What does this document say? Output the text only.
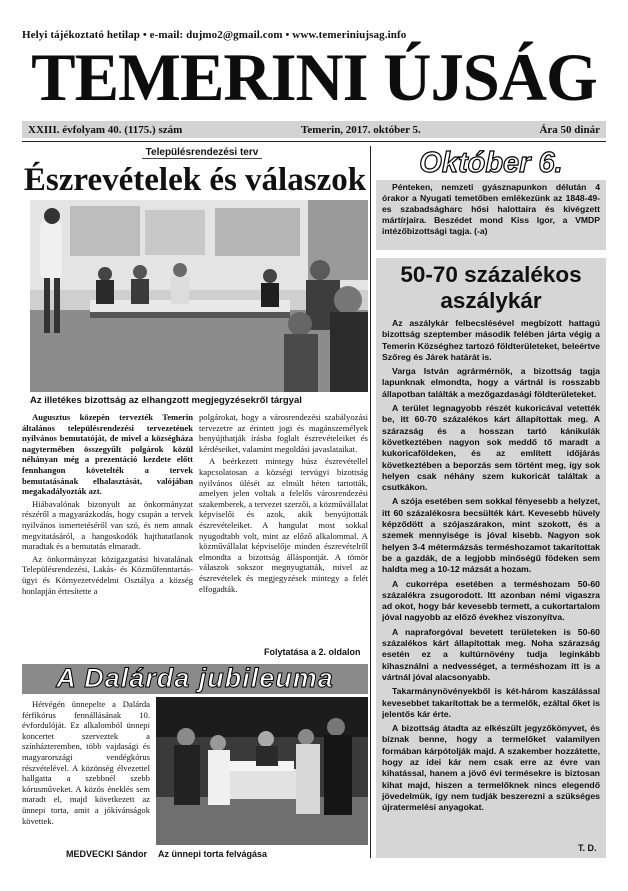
Helyi tájékoztató hetilap • e-mail: dujmo2@gmail.com • www.temeriniujsag.info
TEMERINI ÚJSÁG
XXIII. évfolyam 40. (1175.) szám	Temerin, 2017. október 5.	Ára 50 dinár
Településrendezési terv
Észrevételek és válaszok
Az illetékes bizottság az elhangzott megjegyzésekről tárgyal

Augusztus közepén tervezték Temerin általános településrendezési tervezetének nyilvános bemutatóját, de mivel a községháza nagytermében összegyűlt polgárok közül néhányan még a prezentáció kezdete előtt fennhangon követelték a tervek bemutatásának elhalasztását, valójában megakadályozták azt.

Hiábavalónak bizonyult az önkormányzat részéről a magyarázkodás, hogy csupán a tervek nyilvános ismertetéséről van szó, és nem annak megvitatásáról, a hangoskodók hajthatatlanok maradtak és a bemutatás elmaradt.

Az önkormányzat közigazgatási hivatalának Településrendezési, Lakás- és Közműfenntartás-ügyi és Környezetvédelmi Osztálya a község honlapján értesítette a

polgárokat, hogy a városrendezési szabályozási tervezetre az érintett jogi és magánszemélyek benyújthatják írásba foglalt észrevételeiket és kérdéseiket, valamint megoldási javaslataikat.

A beérkezett mintegy húsz észrevétellel kapcsolatosan a községi tervügyi bizottság nyilvános ülését az elmúlt héten tartották, amelyen jelen voltak a felelős városrendezési szakemberek, a tervezet szerzői, a közművállalat képviselői és azok, akik benyújtották észrevételeiket. A hangulat most sokkal nyugodtabb volt, mint az előző alkalommal. A közművállalat képviselője minden észrevételről elmondta a bizottság álláspontját. A tömör válaszok sokszor megnyugtatták, mivel az észrevételek és megjegyzések mintegy a felét elfogadták.

Folytatása a 2. oldalon
A Dalárda jubileuma

Hétvégén ünnepelte a Dalárda férfikórus fennállásának 10. évfordulóját. Ez alkalomból ünnepi koncertet szerveztek a színházteremben, több vajdasági és magyarországi vendégkórus részvételével. A közönség élvezettel hallgatta a szebbnél szebb kórusműveket. A közös éneklés sem maradt el, majd következett az ünnepi torta, amit a jókívánságok követtek.

MEDVECKI Sándor Az ünnepi torta felvágása
Október 6.

Pénteken, nemzeti gyásznapunkon délután 4 órakor a Nyugati temetőben emlékezünk az 1848-49-es szabadságharc hősi halottaira és kivégzett mártírjaira. Beszédet mond Kiss Igor, a VMDP intézőbizottsági tagja. (-a)

50-70 százalékos
aszálykár

Az aszálykár felbecslésével megbízott hattagú bizottság szeptember második felében járta végig a Temerin Községhez tartozó földterületeket, beleértve Szőreg és Járek határát is.

Varga István agrármérnök, a bizottság tagja lapunknak elmondta, hogy a vártnál is rosszabb állapotban találták a mezőgazdasági földterületeket.

A terület legnagyobb részét kukoricával vetették be, itt 60-70 százalékos kárt állapítottak meg. A szárazság és a hosszan tartó kánikulák következtében nagyon sok meddő tő maradt a kukoricaföldeken, és az említett időjárás következtében a beporzás sem történt meg, így sok helyen csak néhány szem kukoricát találtak a csutkákon.

A szója esetében sem sokkal fényesebb a helyzet, itt 60 százalékosra becsülték kárt. Kevesebb hüvely képződött a szójaszárakon, mint szokott, és a szemek mennyisége is jóval kisebb. Nagyon sok helyen 3-4 métermázsás terméshozamot takarítottak be a gazdák, de a legjobb minőségű födeken sem haldta meg a 10-12 mázsát a hozam.

A cukorrépa esetében a terméshozam 50-60 százalékra zsugorodott. Itt azonban némi vigaszra ad okot, hogy bár kevesebb termett, a cukortartalom jóval nagyobb az előző évekhez viszonyítva.

A napraforgóval bevetett területeken is 50-60 százalékos kárt állapítottak meg. Noha szárazság esetén ez a kultúrnövény tudja leginkább kihasználni a nedvességet, a terméshozam itt is a vártnál jóval alacsonyabb.

Takarmánynövényekből is két-három kaszálással kevesebbet takarítottak be a termelők, ezáltal őket is jelentős kár érte.

A bizottság átadta az elkészült jegyzőkönyvet, és bíznak benne, hogy a termelőket valamilyen formában kárpótolják majd. A szakember hozzátette, hogy az idei kár nem csak erre az évre van kihatással, hanem a jövő évi termésekre is biztosan kihat majd, hiszen a termelőknek nincs elegendő jövedelmük, így nem tudják beszerezni a szükséges újratermelési anyagokat.

T. D.
